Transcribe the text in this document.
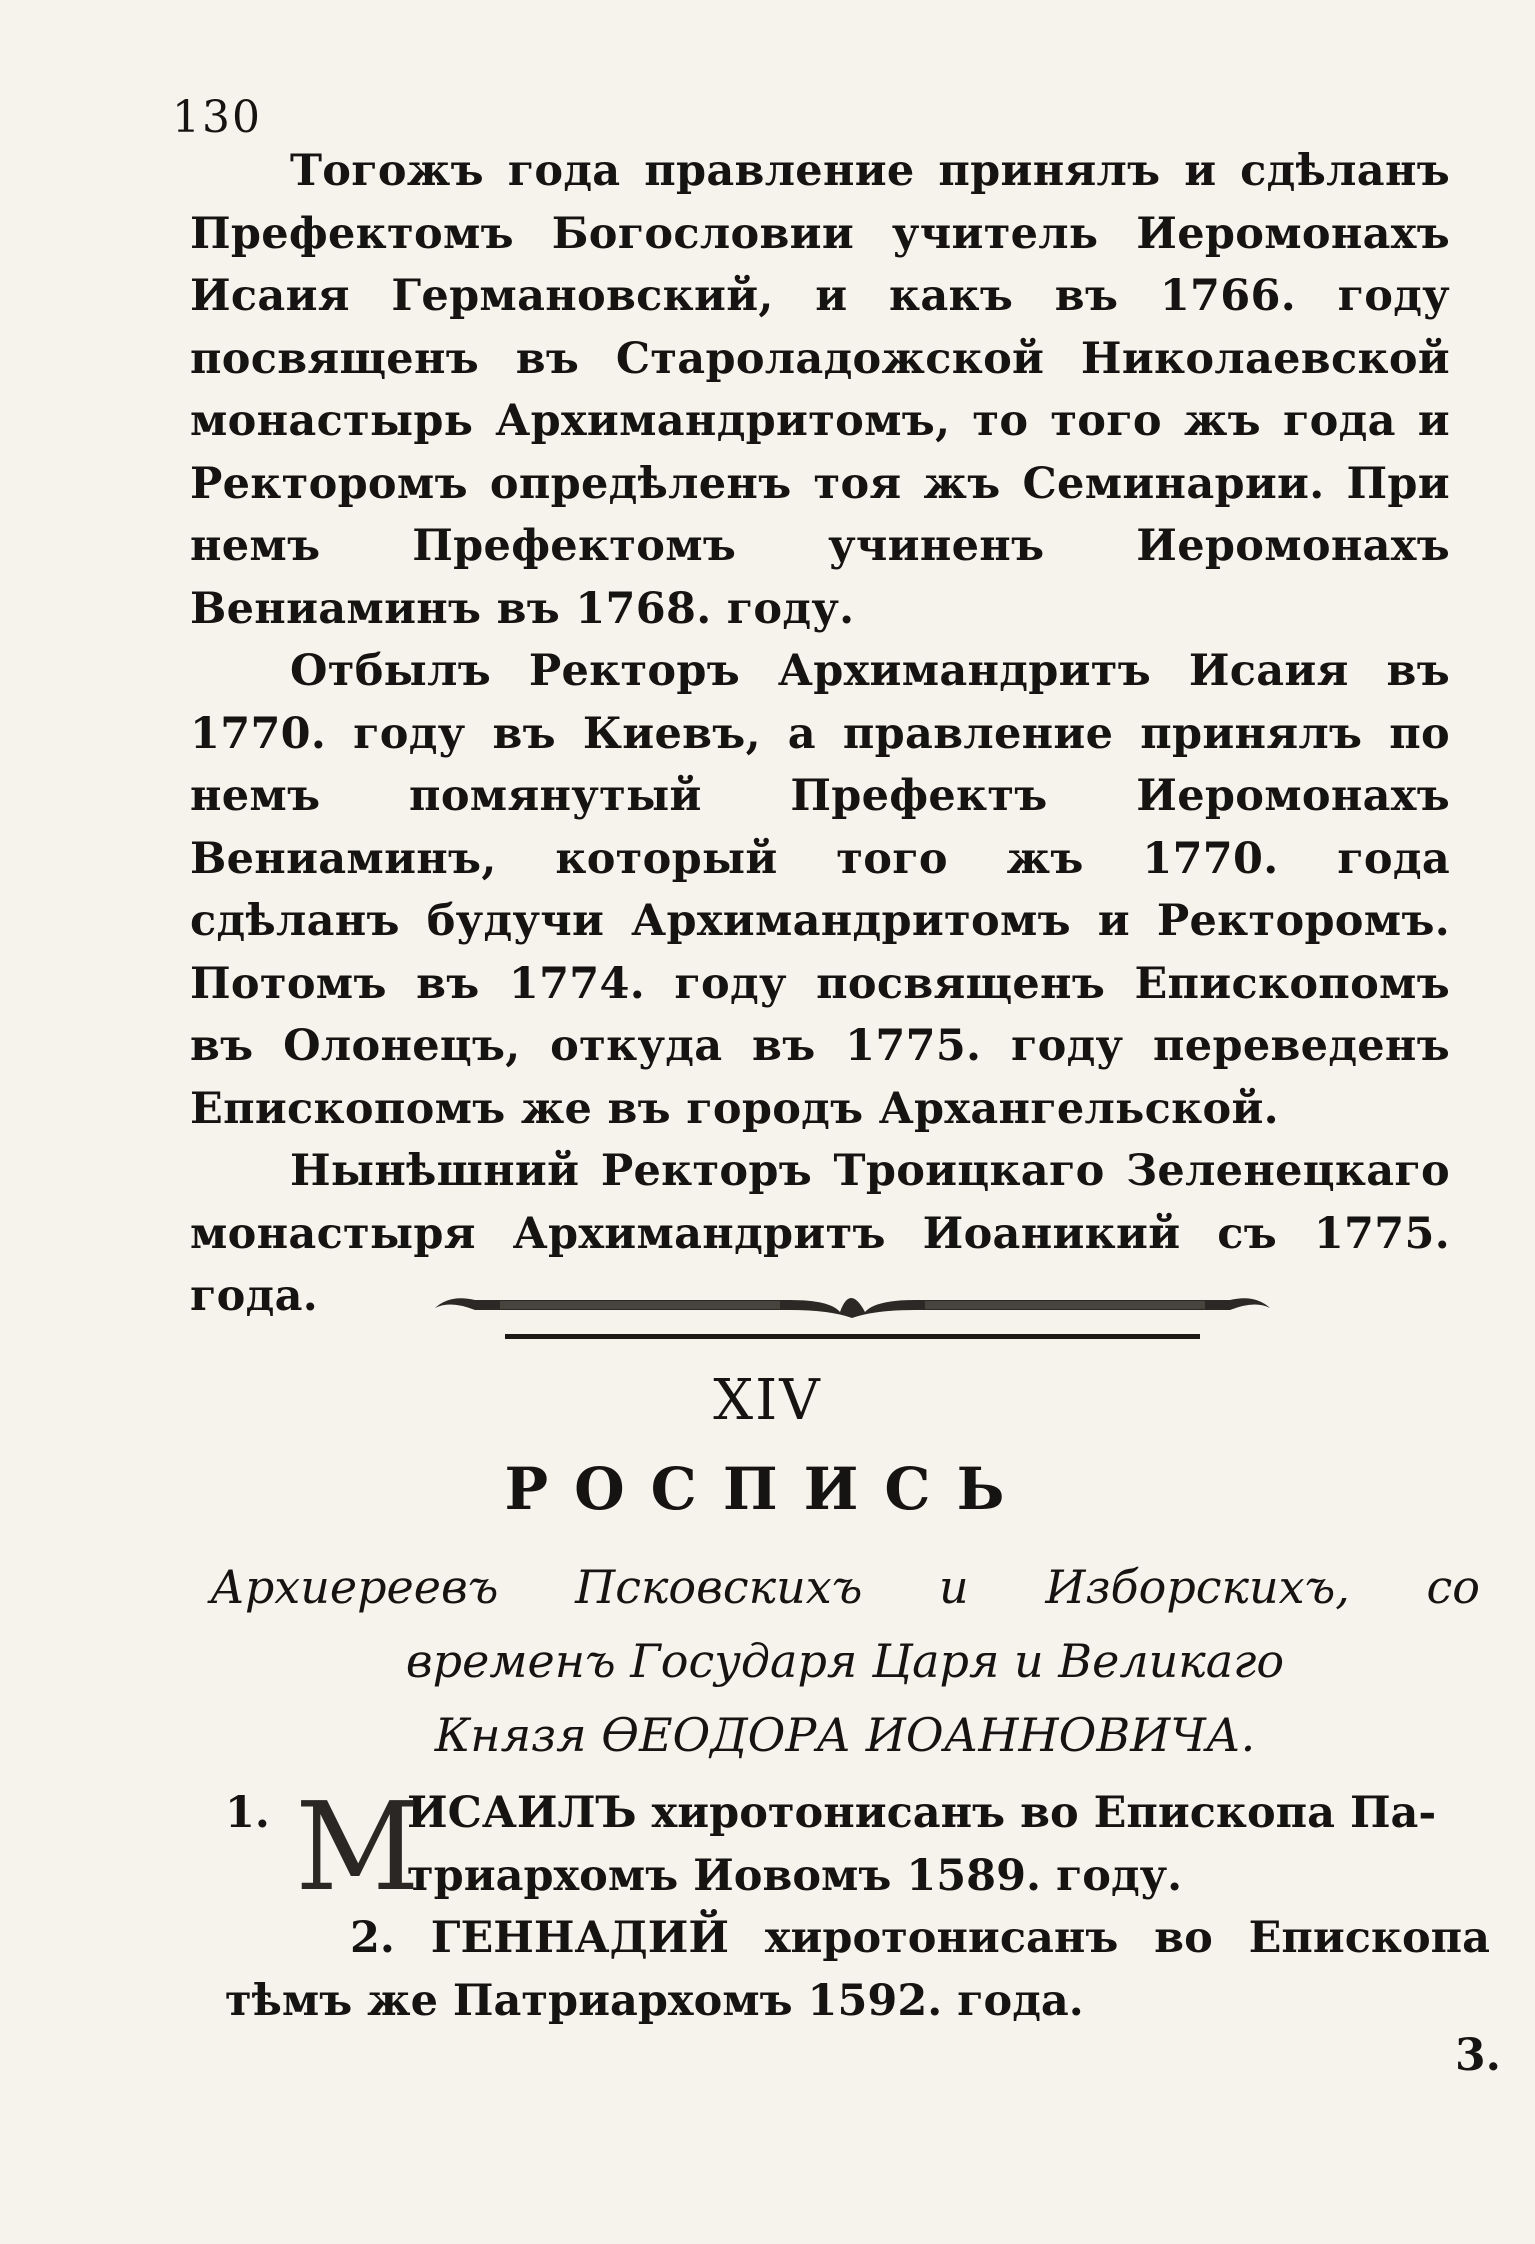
130

Тогожъ года правление принялъ и сдѣланъ Префектомъ Богословии учитель Иеромонахъ Исаия Германовский, и какъ въ 1766. году посвященъ въ Староладожской Николаевской монастырь Архимандритомъ, то того жъ года и Ректоромъ опредѣленъ тоя жъ Семинарии. При немъ Префектомъ учиненъ Иеромонахъ Вениаминъ въ 1768. году.

Отбылъ Ректоръ Архимандритъ Исаия въ 1770. году въ Киевъ, а правление принялъ по немъ помянутый Префектъ Иеромонахъ Вениаминъ, который того жъ 1770. года сдѣланъ будучи Архимандритомъ и Ректоромъ. Потомъ въ 1774. году посвященъ Епископомъ въ Олонецъ, откуда въ 1775. году переведенъ Епископомъ же въ городъ Архангельской.

Нынѣшний Ректоръ Троицкаго Зеленецкаго монастыря Архимандритъ Иоаникий съ 1775. года.

XIV
РОСПИСЬ
Архиереевъ Псковскихъ и Изборскихъ, со
временъ Государя Царя и Великаго
Князя ѲЕОДОРА ИОАННОВИЧА.
1. М
ИСАИЛЪ хиротонисанъ во Епископа Па-
триархомъ Иовомъ 1589. году.
2. ГЕННАДИЙ хиротонисанъ во Епископа тѣмъ же Патриархомъ 1592. года.
3.
